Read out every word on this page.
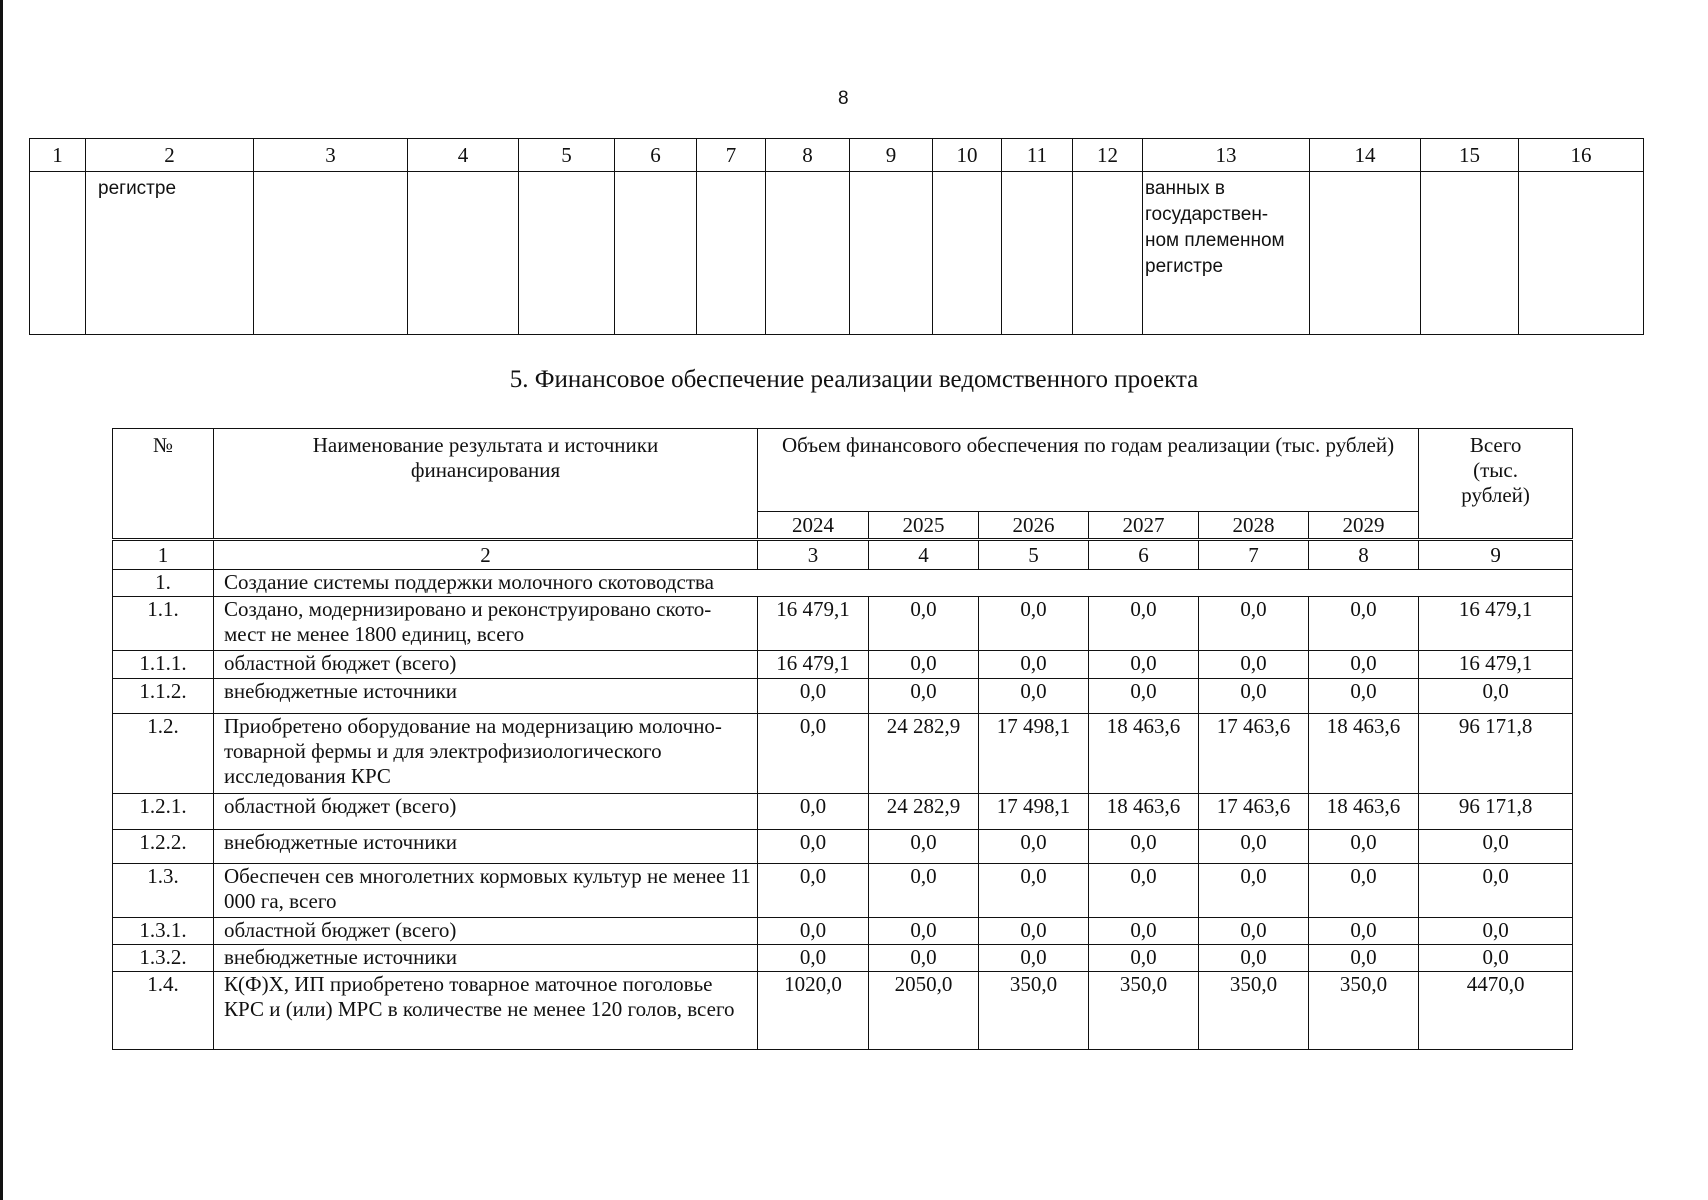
8
1	2	3	4	5	6	7	8	9	10	11	12	13	14	15	16

	регистре											ванных в
государствен-
ном племенном
регистре			

5. Финансовое обеспечение реализации ведомственного проекта
№	Наименование результата и источники финансирования	Объем финансового обеспечения по годам реализации (тыс. рублей)						Всего (тыс. рублей)
		2024	2025	2026	2027	2028	2029	
1	2	3	4	5	6	7	8	9
1.	Создание системы поддержки молочного скотоводства							
1.1.	Создано, модернизировано и реконструировано ското-мест не менее 1800 единиц, всего	16 479,1	0,0	0,0	0,0	0,0	0,0	16 479,1
1.1.1.	областной бюджет (всего)	16 479,1	0,0	0,0	0,0	0,0	0,0	16 479,1
1.1.2.	внебюджетные источники	0,0	0,0	0,0	0,0	0,0	0,0	0,0
1.2.	Приобретено оборудование на модернизацию молочно-товарной фермы и для электрофизиологического исследования КРС	0,0	24 282,9	17 498,1	18 463,6	17 463,6	18 463,6	96 171,8
1.2.1.	областной бюджет (всего)	0,0	24 282,9	17 498,1	18 463,6	17 463,6	18 463,6	96 171,8
1.2.2.	внебюджетные источники	0,0	0,0	0,0	0,0	0,0	0,0	0,0
1.3.	Обеспечен сев многолетних кормовых культур не менее 11 000 га, всего	0,0	0,0	0,0	0,0	0,0	0,0	0,0
1.3.1.	областной бюджет (всего)	0,0	0,0	0,0	0,0	0,0	0,0	0,0
1.3.2.	внебюджетные источники	0,0	0,0	0,0	0,0	0,0	0,0	0,0
1.4.	К(Ф)Х, ИП приобретено товарное маточное поголовье КРС и (или) МРС в количестве не менее 120 голов, всего	1020,0	2050,0	350,0	350,0	350,0	350,0	4470,0
